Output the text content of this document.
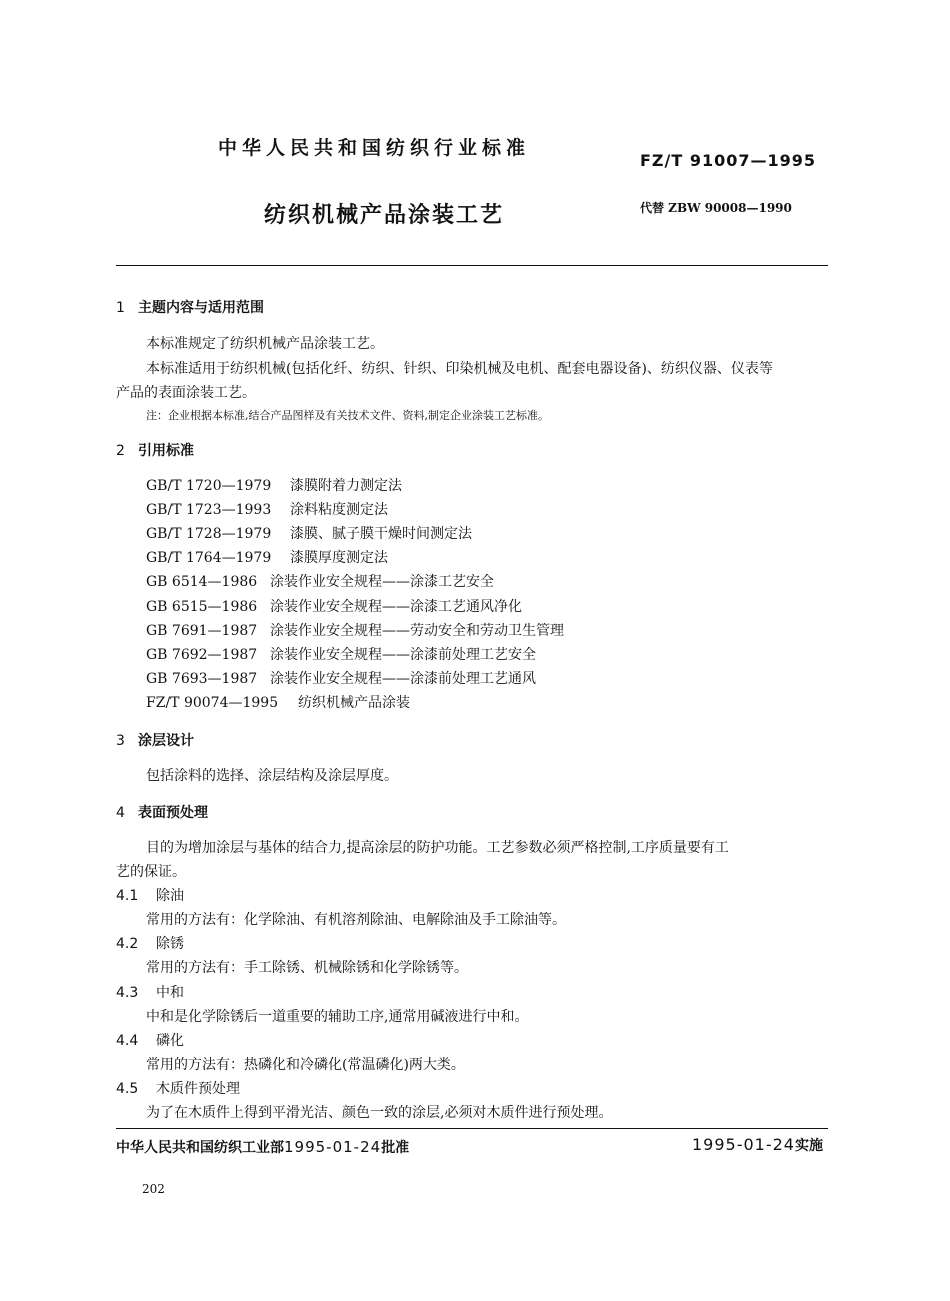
中华人民共和国纺织行业标准
FZ/T 91007—1995
纺织机械产品涂装工艺	代替 ZBW 90008—1990
1 主题内容与适用范围
本标准规定了纺织机械产品涂装工艺。
本标准适用于纺织机械(包括化纤、纺织、针织、印染机械及电机、配套电器设备)、纺织仪器、仪表等
产品的表面涂装工艺。
注：企业根据本标准,结合产品图样及有关技术文件、资料,制定企业涂装工艺标准。
2 引用标准
GB/T 1720—1979 漆膜附着力测定法
GB/T 1723—1993 涂料粘度测定法
GB/T 1728—1979 漆膜、腻子膜干燥时间测定法
GB/T 1764—1979 漆膜厚度测定法
GB 6514—1986 涂装作业安全规程——涂漆工艺安全
GB 6515—1986 涂装作业安全规程——涂漆工艺通风净化
GB 7691—1987 涂装作业安全规程——劳动安全和劳动卫生管理
GB 7692—1987 涂装作业安全规程——涂漆前处理工艺安全
GB 7693—1987 涂装作业安全规程——涂漆前处理工艺通风
FZ/T 90074—1995 纺织机械产品涂装
3 涂层设计
包括涂料的选择、涂层结构及涂层厚度。
4 表面预处理
目的为增加涂层与基体的结合力,提高涂层的防护功能。工艺参数必须严格控制,工序质量要有工
艺的保证。
4.1 除油
常用的方法有：化学除油、有机溶剂除油、电解除油及手工除油等。
4.2 除锈
常用的方法有：手工除锈、机械除锈和化学除锈等。
4.3 中和
中和是化学除锈后一道重要的辅助工序,通常用碱液进行中和。
4.4 磷化
常用的方法有：热磷化和冷磷化(常温磷化)两大类。
4.5 木质件预处理
为了在木质件上得到平滑光洁、颜色一致的涂层,必须对木质件进行预处理。
中华人民共和国纺织工业部1995-01-24批准	1995-01-24实施
202
